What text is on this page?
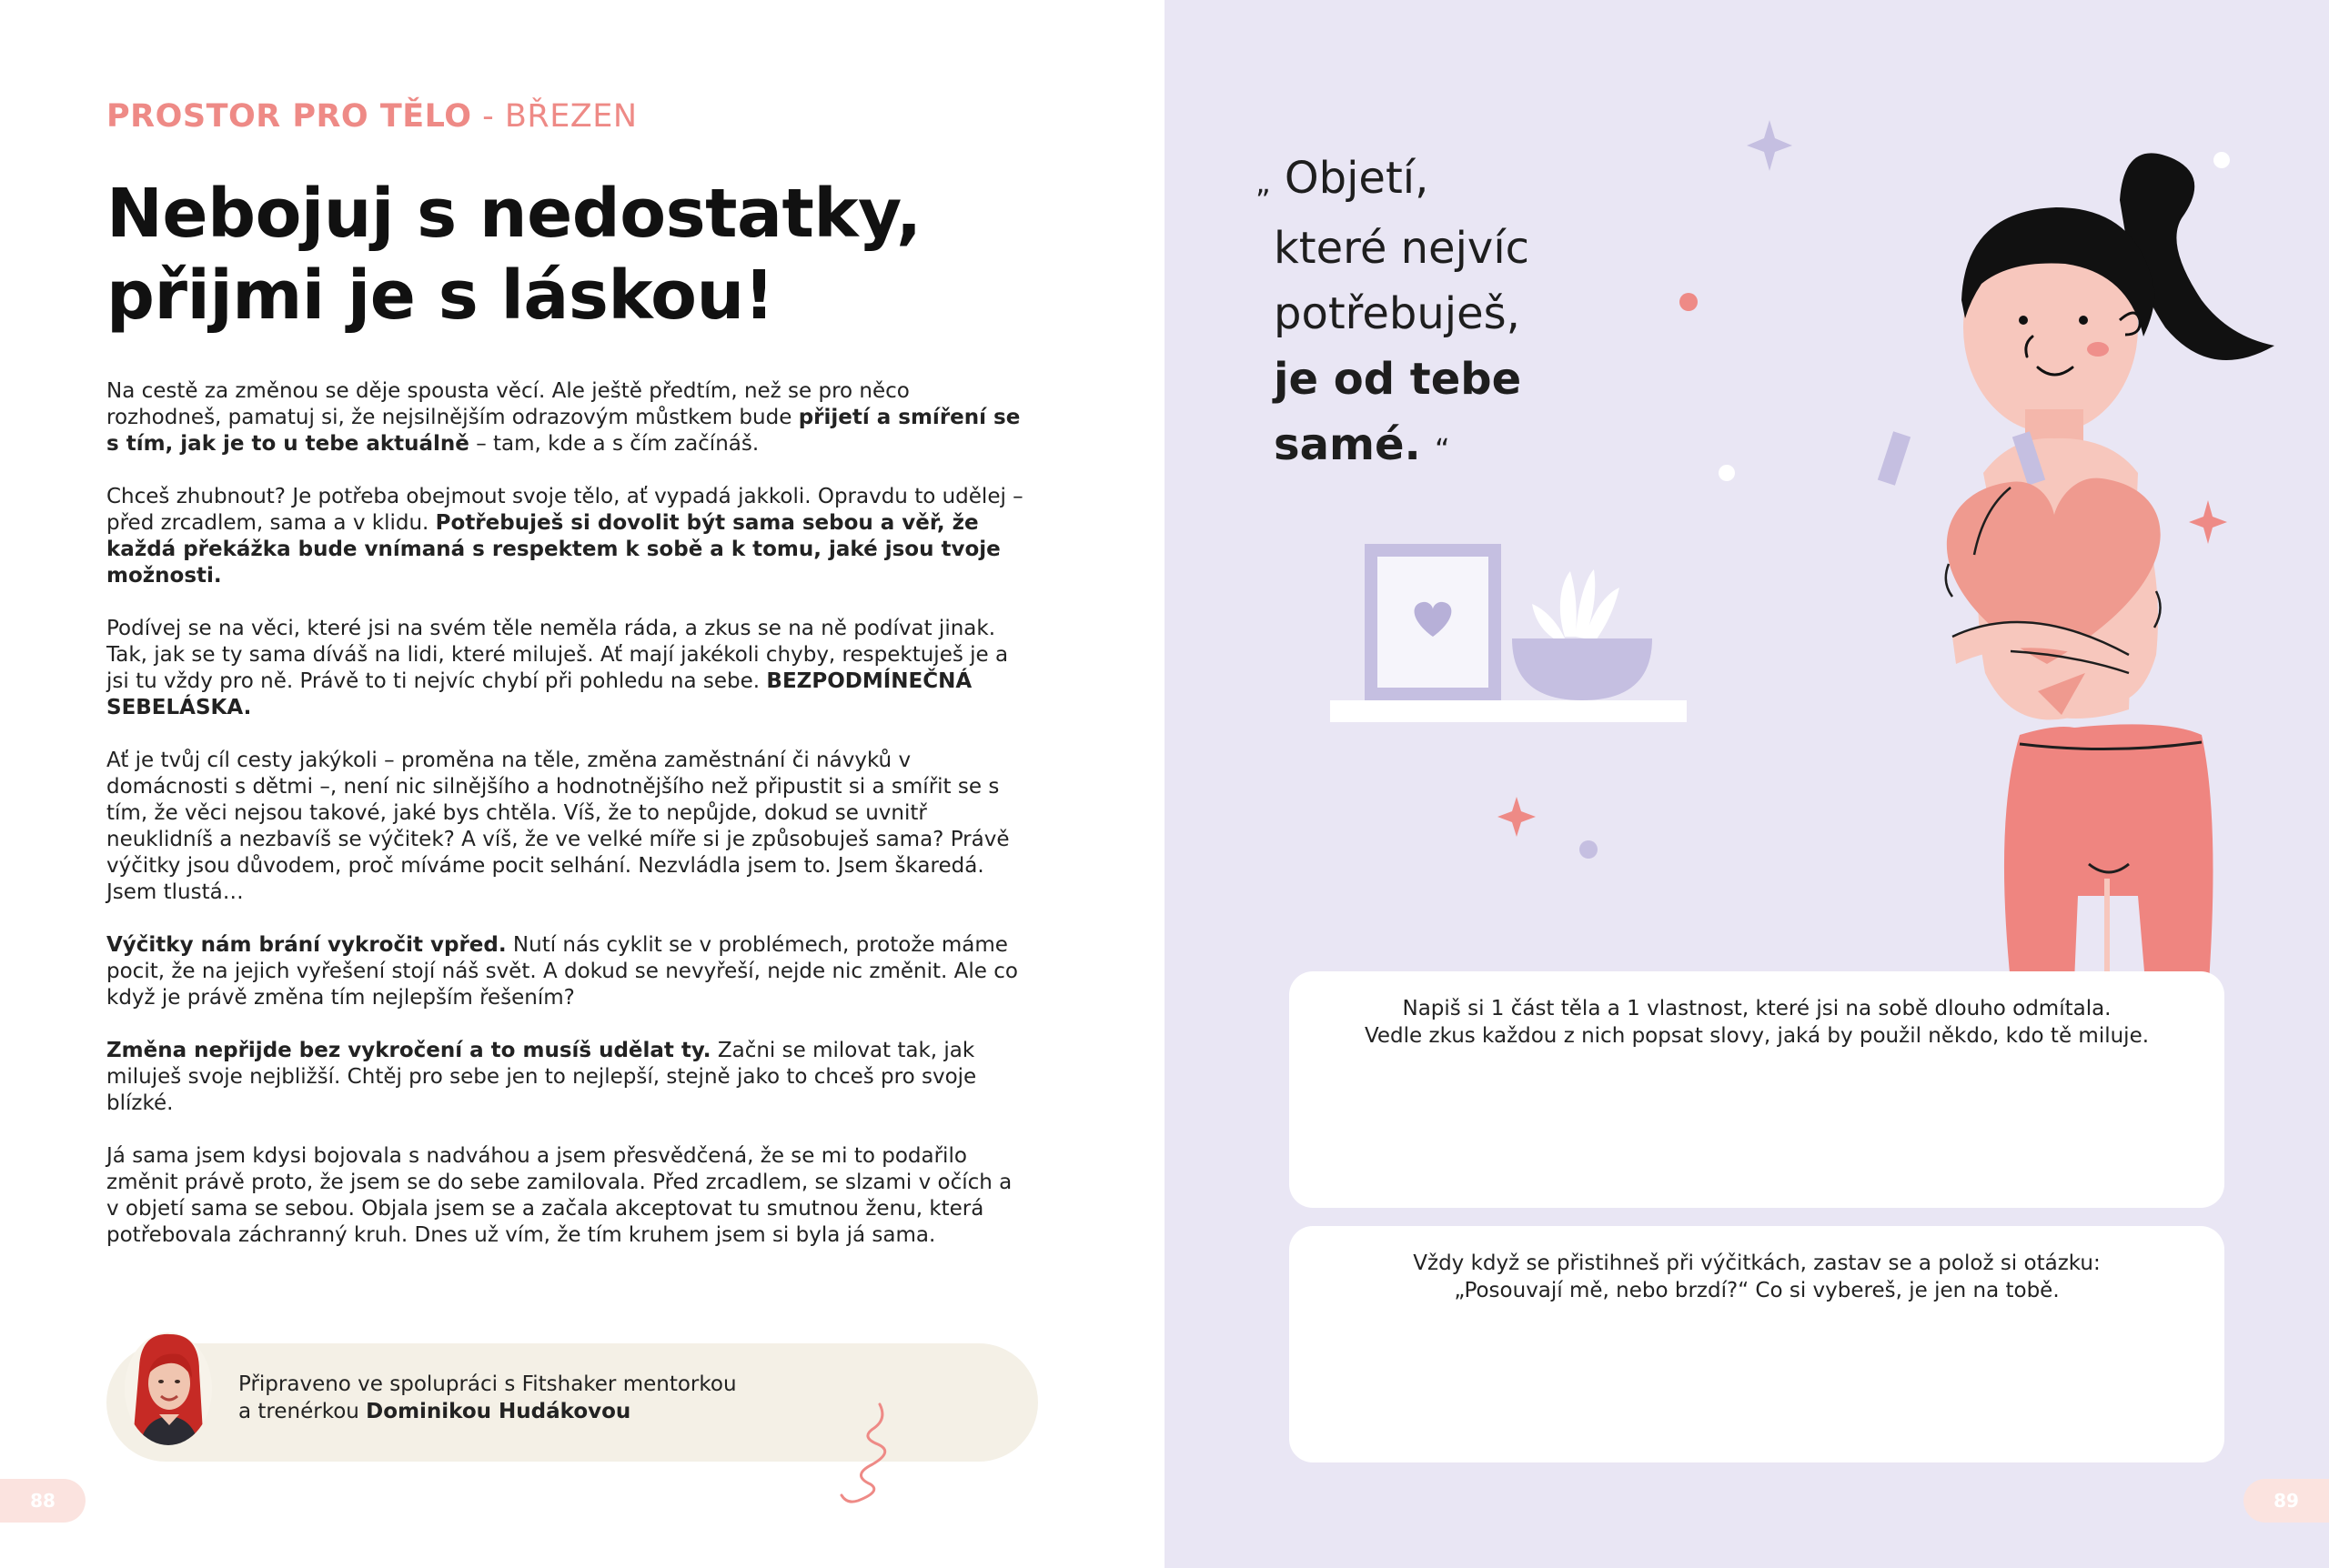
PROSTOR PRO TĚLO - BŘEZEN
Nebojuj s nedostatky,
přijmi je s láskou!

Na cestě za změnou se děje spousta věcí. Ale ještě předtím, než se pro něco rozhodneš, pamatuj si, že nejsilnějším odrazovým můstkem bude přijetí a smíření se s tím, jak je to u tebe aktuálně – tam, kde a s čím začínáš.

Chceš zhubnout? Je potřeba obejmout svoje tělo, ať vypadá jakkoli. Opravdu to udělej – před zrcadlem, sama a v klidu. Potřebuješ si dovolit být sama sebou a věř, že každá překážka bude vnímaná s respektem k sobě a k tomu, jaké jsou tvoje možnosti.

Podívej se na věci, které jsi na svém těle neměla ráda, a zkus se na ně podívat jinak. Tak, jak se ty sama díváš na lidi, které miluješ. Ať mají jakékoli chyby, respektuješ je a jsi tu vždy pro ně. Právě to ti nejvíc chybí při pohledu na sebe. BEZPODMÍNEČNÁ SEBELÁSKA.

Ať je tvůj cíl cesty jakýkoli – proměna na těle, změna zaměstnání či návyků v domácnosti s dětmi –, není nic silnějšího a hodnotnějšího než připustit si a smířit se s tím, že věci nejsou takové, jaké bys chtěla. Víš, že to nepůjde, dokud se uvnitř neuklidníš a nezbavíš se výčitek? A víš, že ve velké míře si je způsobuješ sama? Právě výčitky jsou důvodem, proč míváme pocit selhání. Nezvládla jsem to. Jsem škaredá. Jsem tlustá…

Výčitky nám brání vykročit vpřed. Nutí nás cyklit se v problémech, protože máme pocit, že na jejich vyřešení stojí náš svět. A dokud se nevyřeší, nejde nic změnit. Ale co když je právě změna tím nejlepším řešením?

Změna nepřijde bez vykročení a to musíš udělat ty. Začni se milovat tak, jak miluješ svoje nejbližší. Chtěj pro sebe jen to nejlepší, stejně jako to chceš pro svoje blízké.

Já sama jsem kdysi bojovala s nadváhou a jsem přesvědčená, že se mi to podařilo změnit právě proto, že jsem se do sebe zamilovala. Před zrcadlem, se slzami v očích a v objetí sama se sebou. Objala jsem se a začala akceptovat tu smutnou ženu, která potřebovala záchranný kruh. Dnes už vím, že tím kruhem jsem si byla já sama.

Připraveno ve spolupráci s Fitshaker mentorkou
a trenérkou Dominikou Hudákovou
88
„ Objetí,
které nejvíc
potřebuješ,
je od tebe
samé. “
Napiš si 1 část těla a 1 vlastnost, které jsi na sobě dlouho odmítala.
Vedle zkus každou z nich popsat slovy, jaká by použil někdo, kdo tě miluje.
Vždy když se přistihneš při výčitkách, zastav se a polož si otázku:
„Posouvají mě, nebo brzdí?“ Co si vybereš, je jen na tobě.
89
